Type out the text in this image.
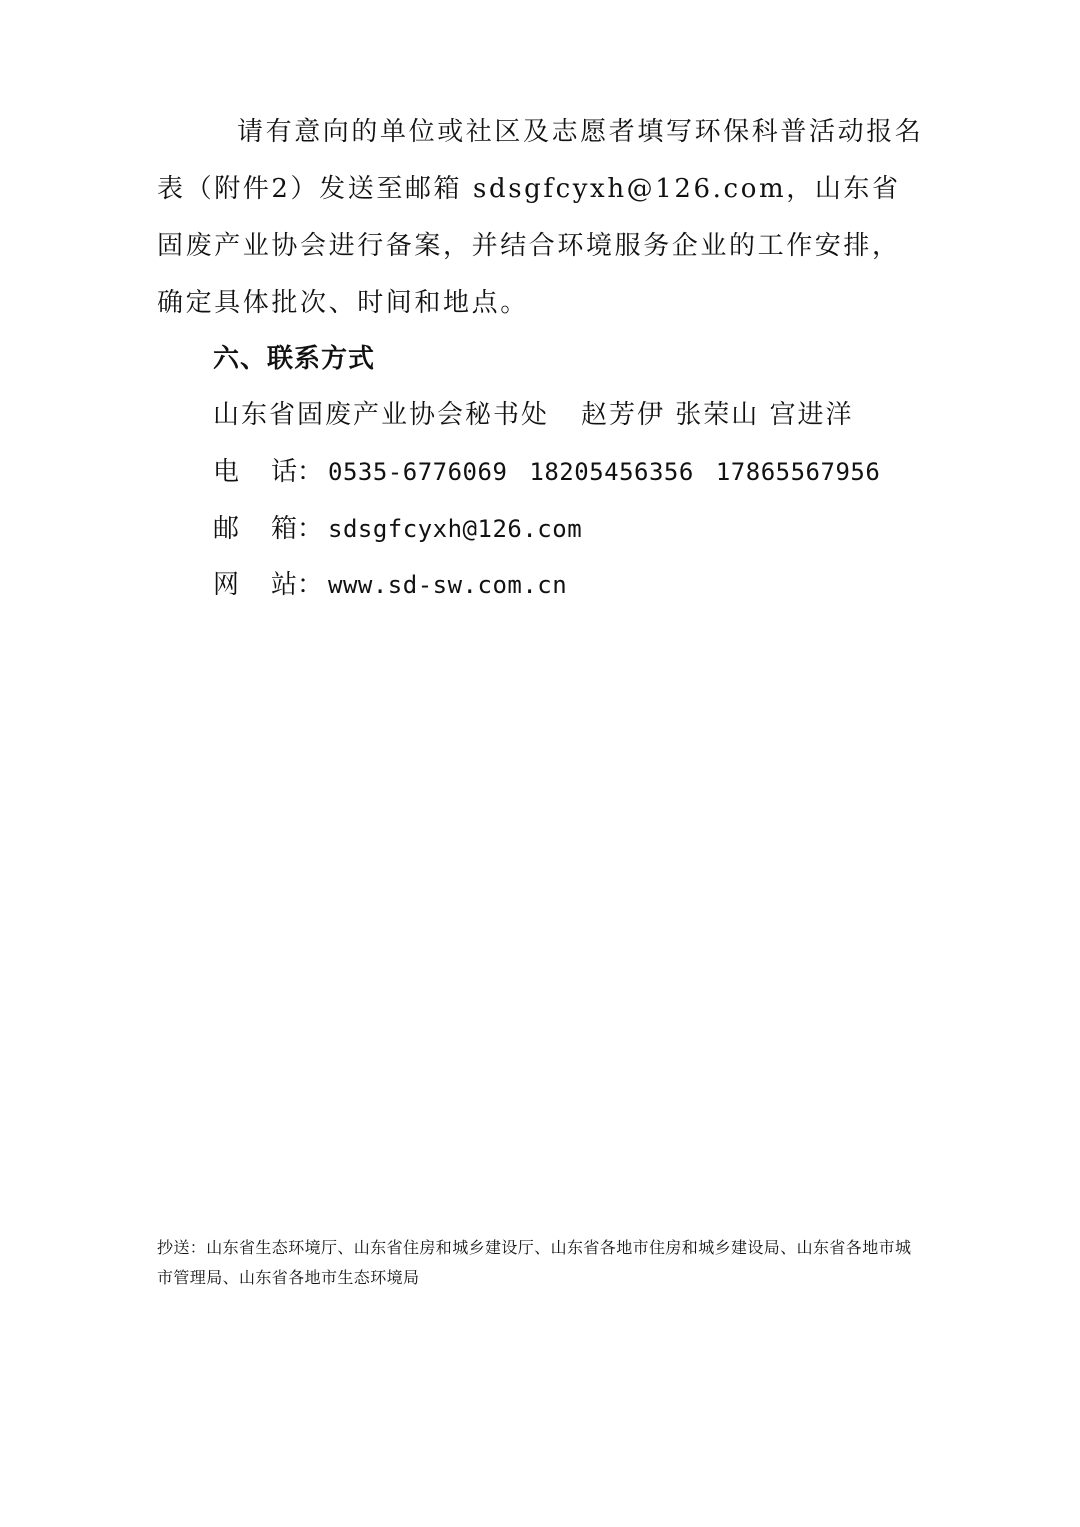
请有意向的单位或社区及志愿者填写环保科普活动报名表（附件2）发送至邮箱 sdsgfcyxh@126.com，山东省固废产业协会进行备案，并结合环境服务企业的工作安排，确定具体批次、时间和地点。

六、联系方式
山东省固废产业协会秘书处 赵芳伊 张荣山 宫进洋
电 话： 0535-6776069 18205456356 17865567956
邮 箱： sdsgfcyxh@126.com
网 站： www.sd-sw.com.cn

抄送：山东省生态环境厅、山东省住房和城乡建设厅、山东省各地市住房和城乡建设局、山东省各地市城市管理局、山东省各地市生态环境局
